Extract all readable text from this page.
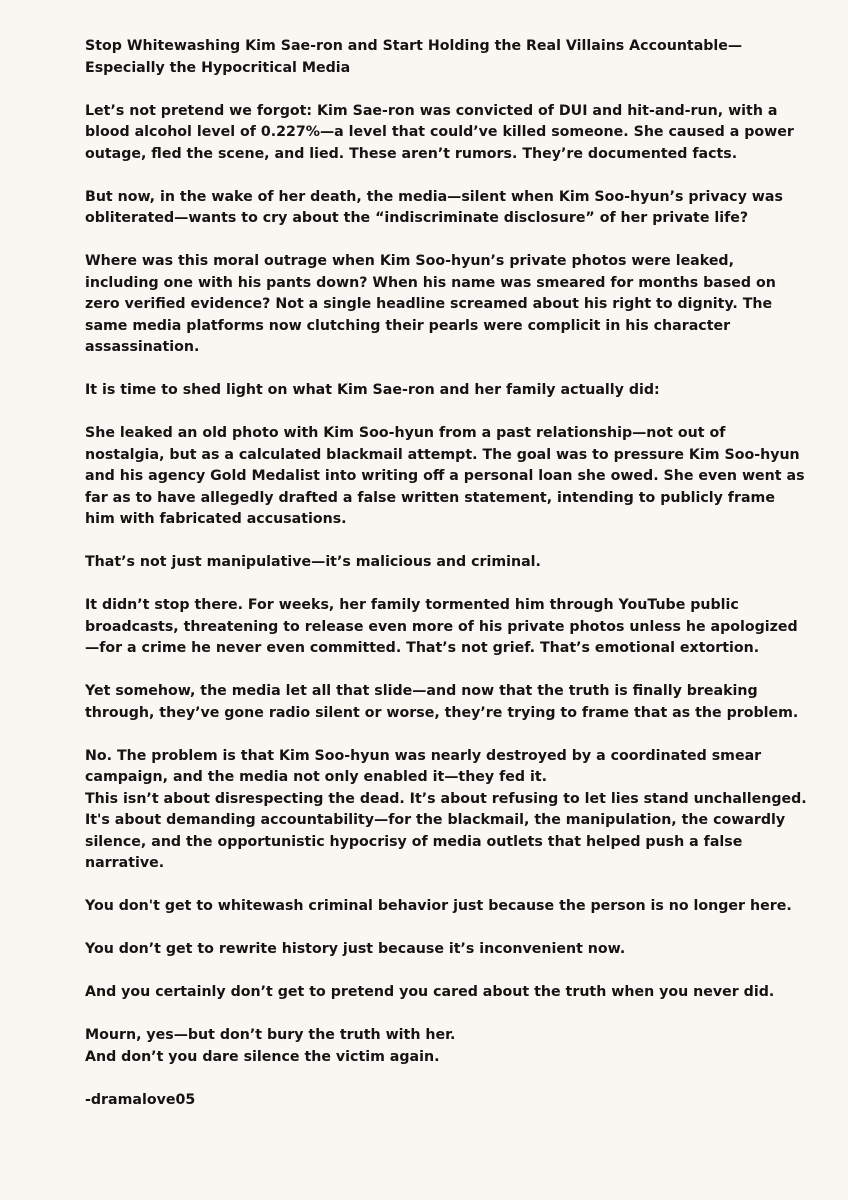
Stop Whitewashing Kim Sae-ron and Start Holding the Real Villains Accountable—
Especially the Hypocritical Media
Let’s not pretend we forgot: Kim Sae-ron was convicted of DUI and hit-and-run, with a
blood alcohol level of 0.227%—a level that could’ve killed someone. She caused a power
outage, fled the scene, and lied. These aren’t rumors. They’re documented facts.
But now, in the wake of her death, the media—silent when Kim Soo-hyun’s privacy was
obliterated—wants to cry about the “indiscriminate disclosure” of her private life?
Where was this moral outrage when Kim Soo-hyun’s private photos were leaked,
including one with his pants down? When his name was smeared for months based on
zero verified evidence? Not a single headline screamed about his right to dignity. The
same media platforms now clutching their pearls were complicit in his character
assassination.
It is time to shed light on what Kim Sae-ron and her family actually did:
She leaked an old photo with Kim Soo-hyun from a past relationship—not out of
nostalgia, but as a calculated blackmail attempt. The goal was to pressure Kim Soo-hyun
and his agency Gold Medalist into writing off a personal loan she owed. She even went as
far as to have allegedly drafted a false written statement, intending to publicly frame
him with fabricated accusations.
That’s not just manipulative—it’s malicious and criminal.
It didn’t stop there. For weeks, her family tormented him through YouTube public
broadcasts, threatening to release even more of his private photos unless he apologized
—for a crime he never even committed. That’s not grief. That’s emotional extortion.
Yet somehow, the media let all that slide—and now that the truth is finally breaking
through, they’ve gone radio silent or worse, they’re trying to frame that as the problem.
No. The problem is that Kim Soo-hyun was nearly destroyed by a coordinated smear
campaign, and the media not only enabled it—they fed it.
This isn’t about disrespecting the dead. It’s about refusing to let lies stand unchallenged.
It's about demanding accountability—for the blackmail, the manipulation, the cowardly
silence, and the opportunistic hypocrisy of media outlets that helped push a false
narrative.
You don't get to whitewash criminal behavior just because the person is no longer here.
You don’t get to rewrite history just because it’s inconvenient now.
And you certainly don’t get to pretend you cared about the truth when you never did.
Mourn, yes—but don’t bury the truth with her.
And don’t you dare silence the victim again.
-dramalove05
